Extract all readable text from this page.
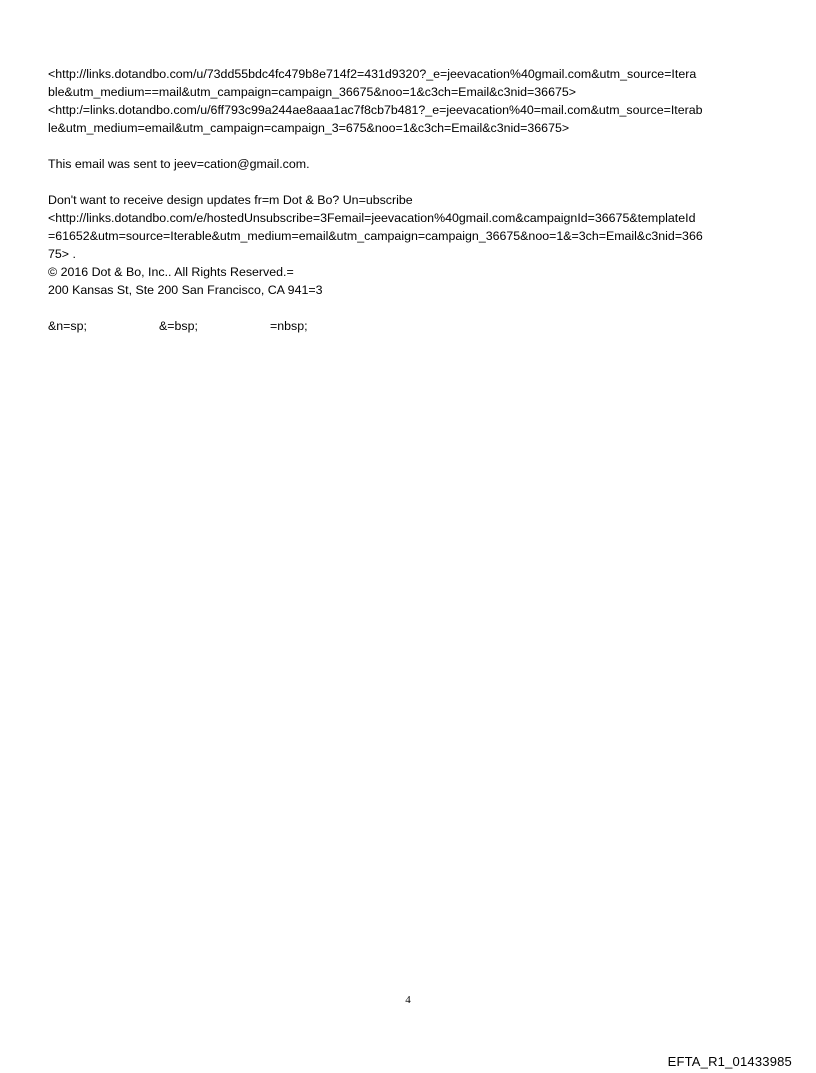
<http://links.dotandbo.com/u/73dd55bdc4fc479b8e714f2=431d9320?_e=jeevacation%40gmail.com&utm_source=Itera
ble&utm_medium==mail&utm_campaign=campaign_36675&noo=1&c3ch=Email&c3nid=36675>
<http:/=links.dotandbo.com/u/6ff793c99a244ae8aaa1ac7f8cb7b481?_e=jeevacation%40=mail.com&utm_source=Iterab
le&utm_medium=email&utm_campaign=campaign_3=675&noo=1&c3ch=Email&c3nid=36675>
This email was sent to jeev=cation@gmail.com.
Don't want to receive design updates fr=m Dot & Bo? Un=ubscribe
<http://links.dotandbo.com/e/hostedUnsubscribe=3Femail=jeevacation%40gmail.com&campaignId=36675&templateId
=61652&utm=source=Iterable&utm_medium=email&utm_campaign=campaign_36675&noo=1&=3ch=Email&c3nid=366
75> .
© 2016 Dot & Bo, Inc.. All Rights Reserved.=
200 Kansas St, Ste 200 San Francisco, CA 941=3
&n=sp;	&=bsp;	=nbsp;
4
EFTA_R1_01433985
